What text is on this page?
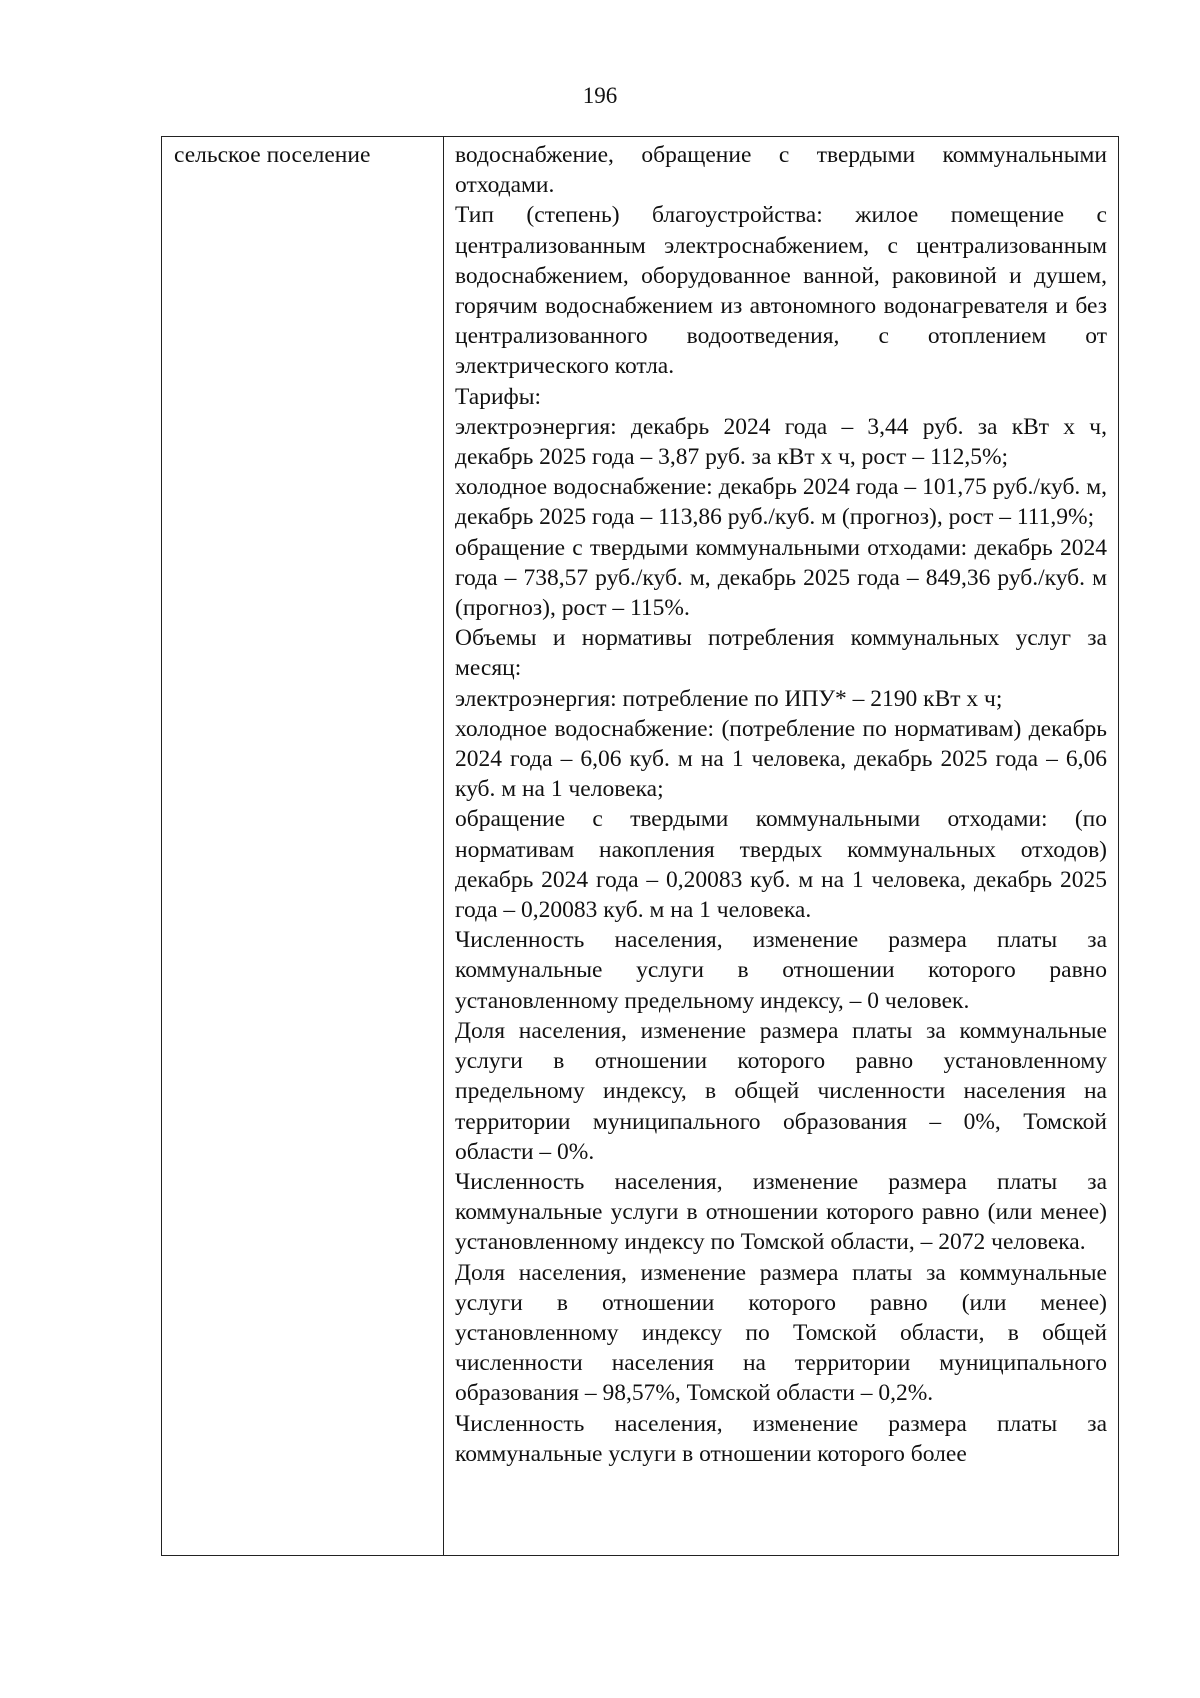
196
сельское поселение	водоснабжение, обращение с твердыми коммунальными отходами.

Тип (степень) благоустройства: жилое помещение с централизованным электроснабжением, с централизованным водоснабжением, оборудованное ванной, раковиной и душем, горячим водоснабжением из автономного водонагревателя и без централизованного водоотведения, с отоплением от электрического котла.

Тарифы:

электроэнергия: декабрь 2024 года – 3,44 руб. за кВт х ч, декабрь 2025 года – 3,87 руб. за кВт х ч, рост – 112,5%;

холодное водоснабжение: декабрь 2024 года – 101,75 руб./куб. м, декабрь 2025 года – 113,86 руб./куб. м (прогноз), рост – 111,9%;

обращение с твердыми коммунальными отходами: декабрь 2024 года – 738,57 руб./куб. м, декабрь 2025 года – 849,36 руб./куб. м (прогноз), рост – 115%.

Объемы и нормативы потребления коммунальных услуг за месяц:

электроэнергия: потребление по ИПУ* – 2190 кВт х ч;

холодное водоснабжение: (потребление по нормативам) декабрь 2024 года – 6,06 куб. м на 1 человека, декабрь 2025 года – 6,06 куб. м на 1 человека;

обращение с твердыми коммунальными отходами: (по нормативам накопления твердых коммунальных отходов) декабрь 2024 года – 0,20083 куб. м на 1 человека, декабрь 2025 года – 0,20083 куб. м на 1 человека.

Численность населения, изменение размера платы за коммунальные услуги в отношении которого равно установленному предельному индексу, – 0 человек.

Доля населения, изменение размера платы за коммунальные услуги в отношении которого равно установленному предельному индексу, в общей численности населения на территории муниципального образования – 0%, Томской области – 0%.

Численность населения, изменение размера платы за коммунальные услуги в отношении которого равно (или менее) установленному индексу по Томской области, – 2072 человека.

Доля населения, изменение размера платы за коммунальные услуги в отношении которого равно (или менее) установленному индексу по Томской области, в общей численности населения на территории муниципального образования – 98,57%, Томской области – 0,2%.

Численность населения, изменение размера платы за коммунальные услуги в отношении которого более
